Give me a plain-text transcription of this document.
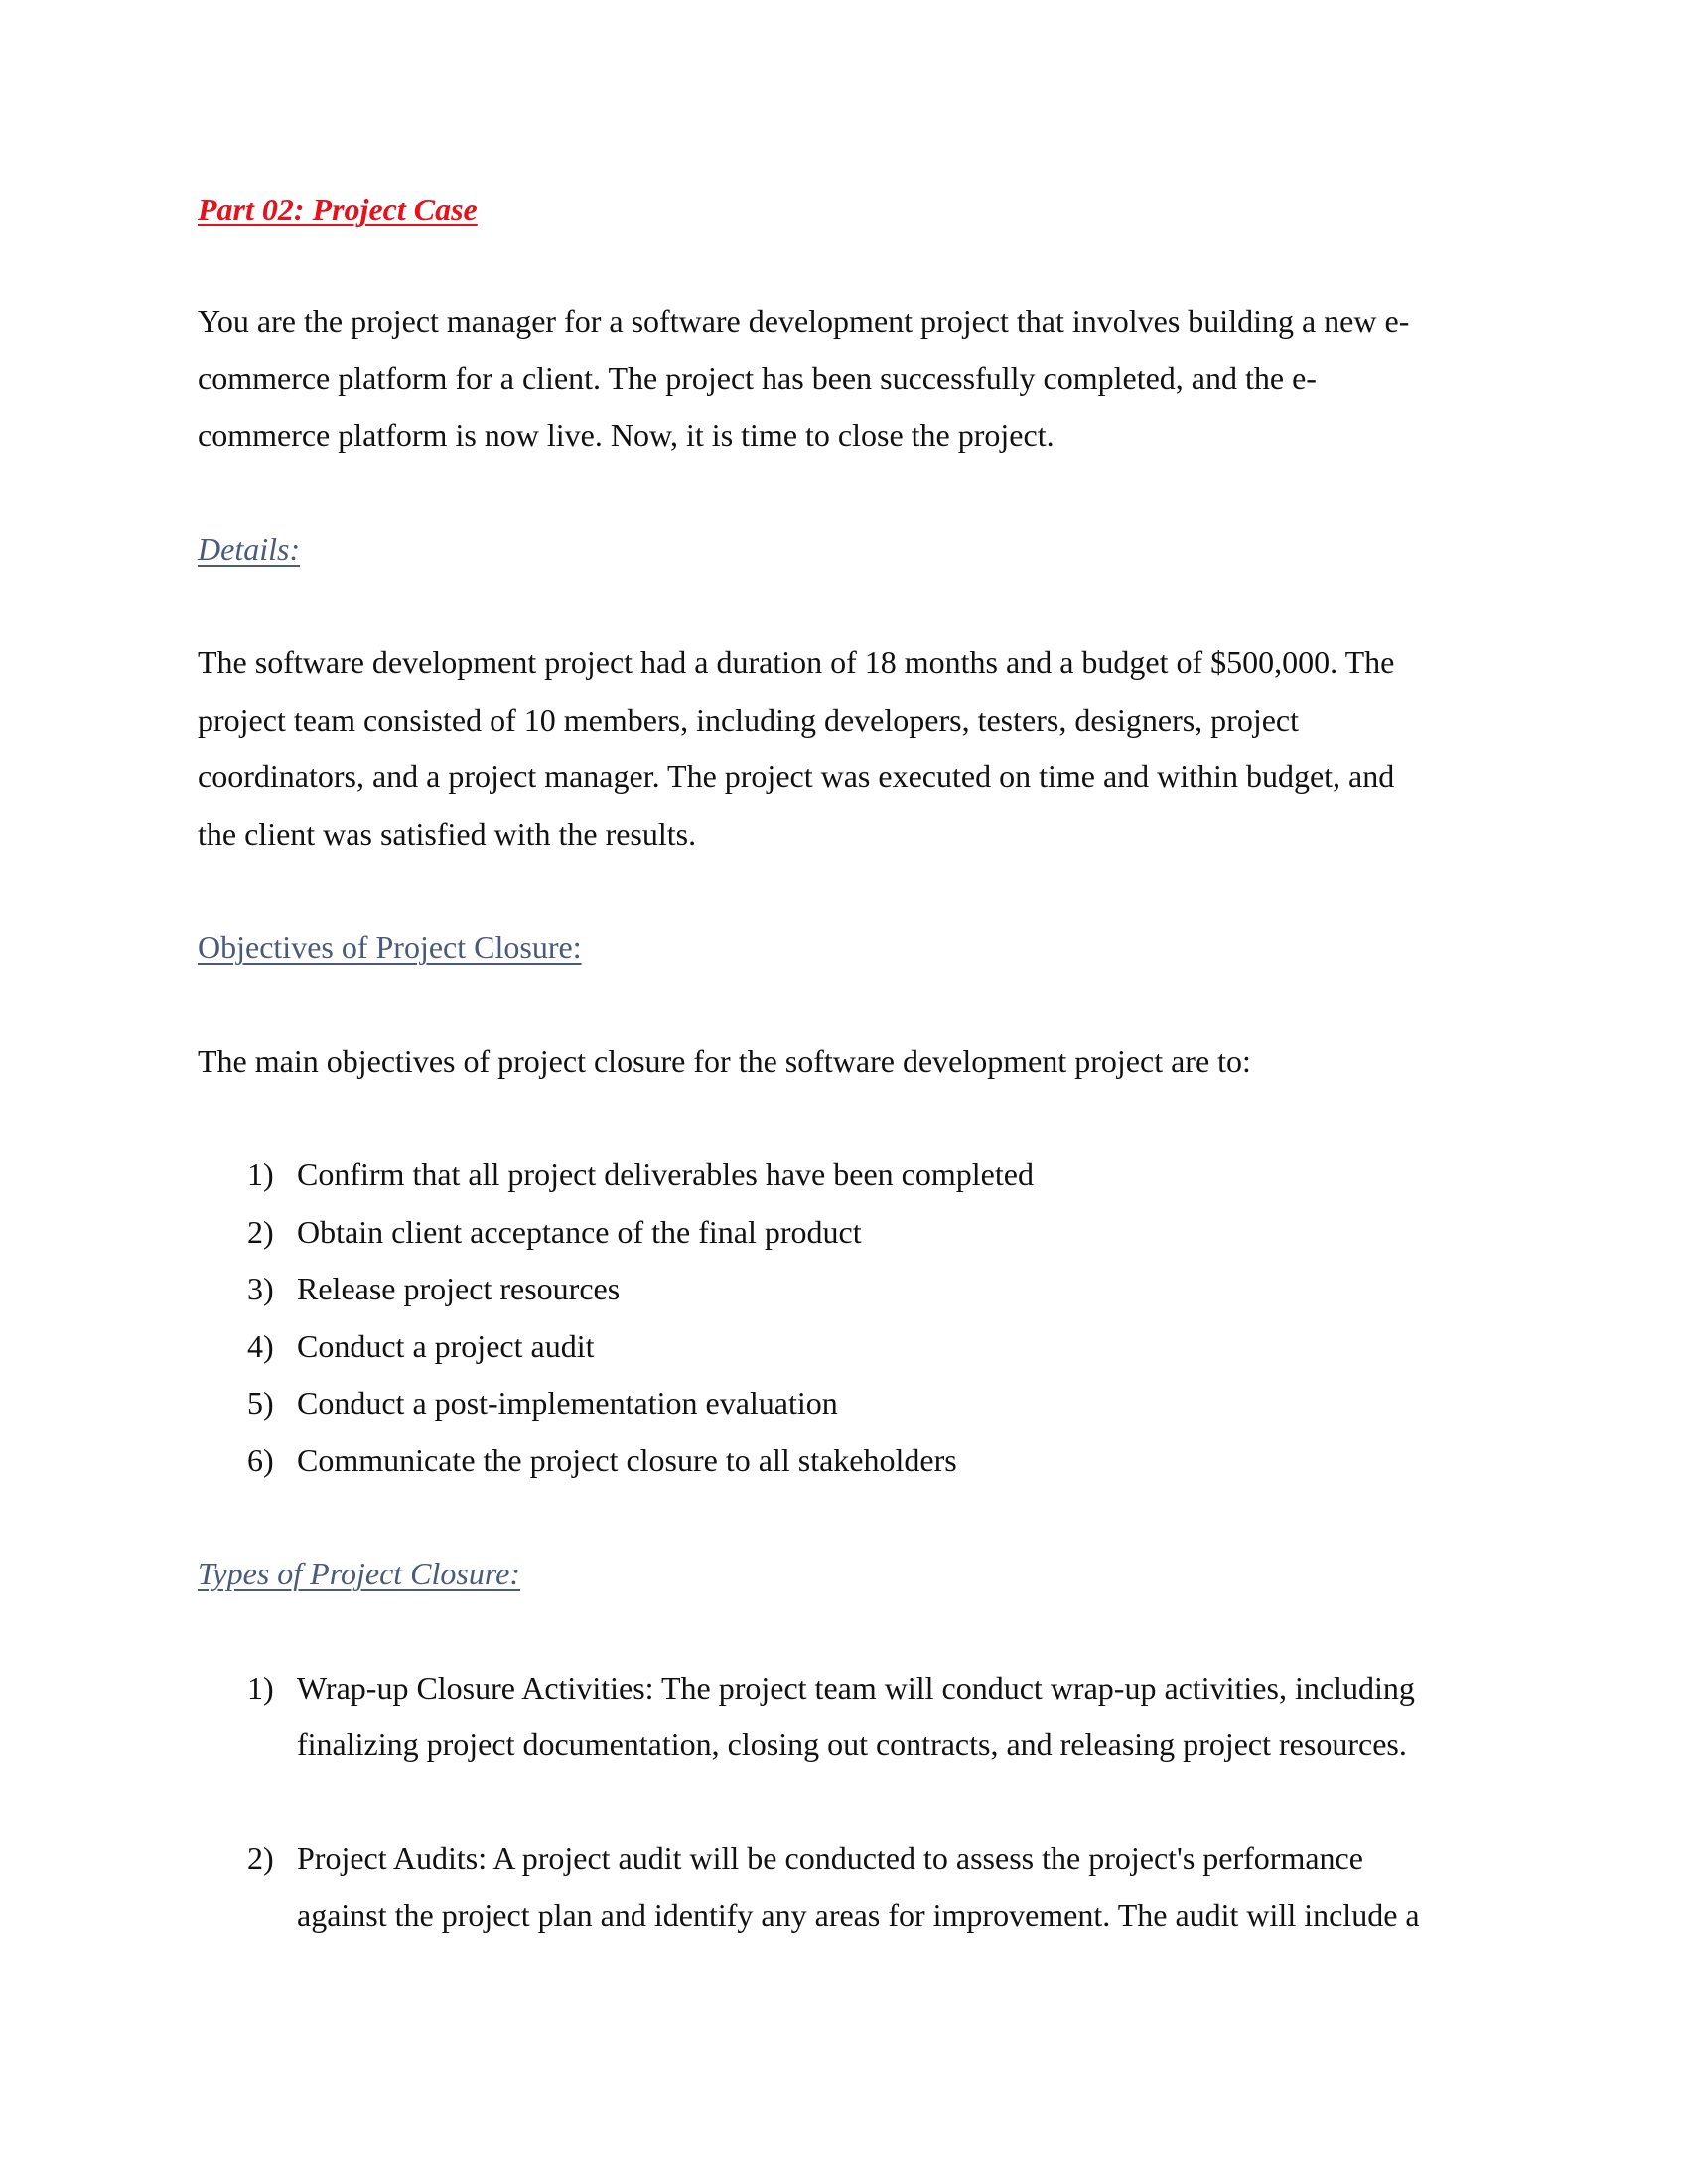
Part 02: Project Case
You are the project manager for a software development project that involves building a new e-
commerce platform for a client. The project has been successfully completed, and the e-
commerce platform is now live. Now, it is time to close the project.
Details:
The software development project had a duration of 18 months and a budget of $500,000. The
project team consisted of 10 members, including developers, testers, designers, project
coordinators, and a project manager. The project was executed on time and within budget, and
the client was satisfied with the results.
Objectives of Project Closure:

The main objectives of project closure for the software development project are to:

1) Confirm that all project deliverables have been completed
2) Obtain client acceptance of the final product
3) Release project resources
4) Conduct a project audit
5) Conduct a post-implementation evaluation
6) Communicate the project closure to all stakeholders
Types of Project Closure:
1) Wrap-up Closure Activities: The project team will conduct wrap-up activities, including
finalizing project documentation, closing out contracts, and releasing project resources.
2) Project Audits: A project audit will be conducted to assess the project's performance
against the project plan and identify any areas for improvement. The audit will include a
